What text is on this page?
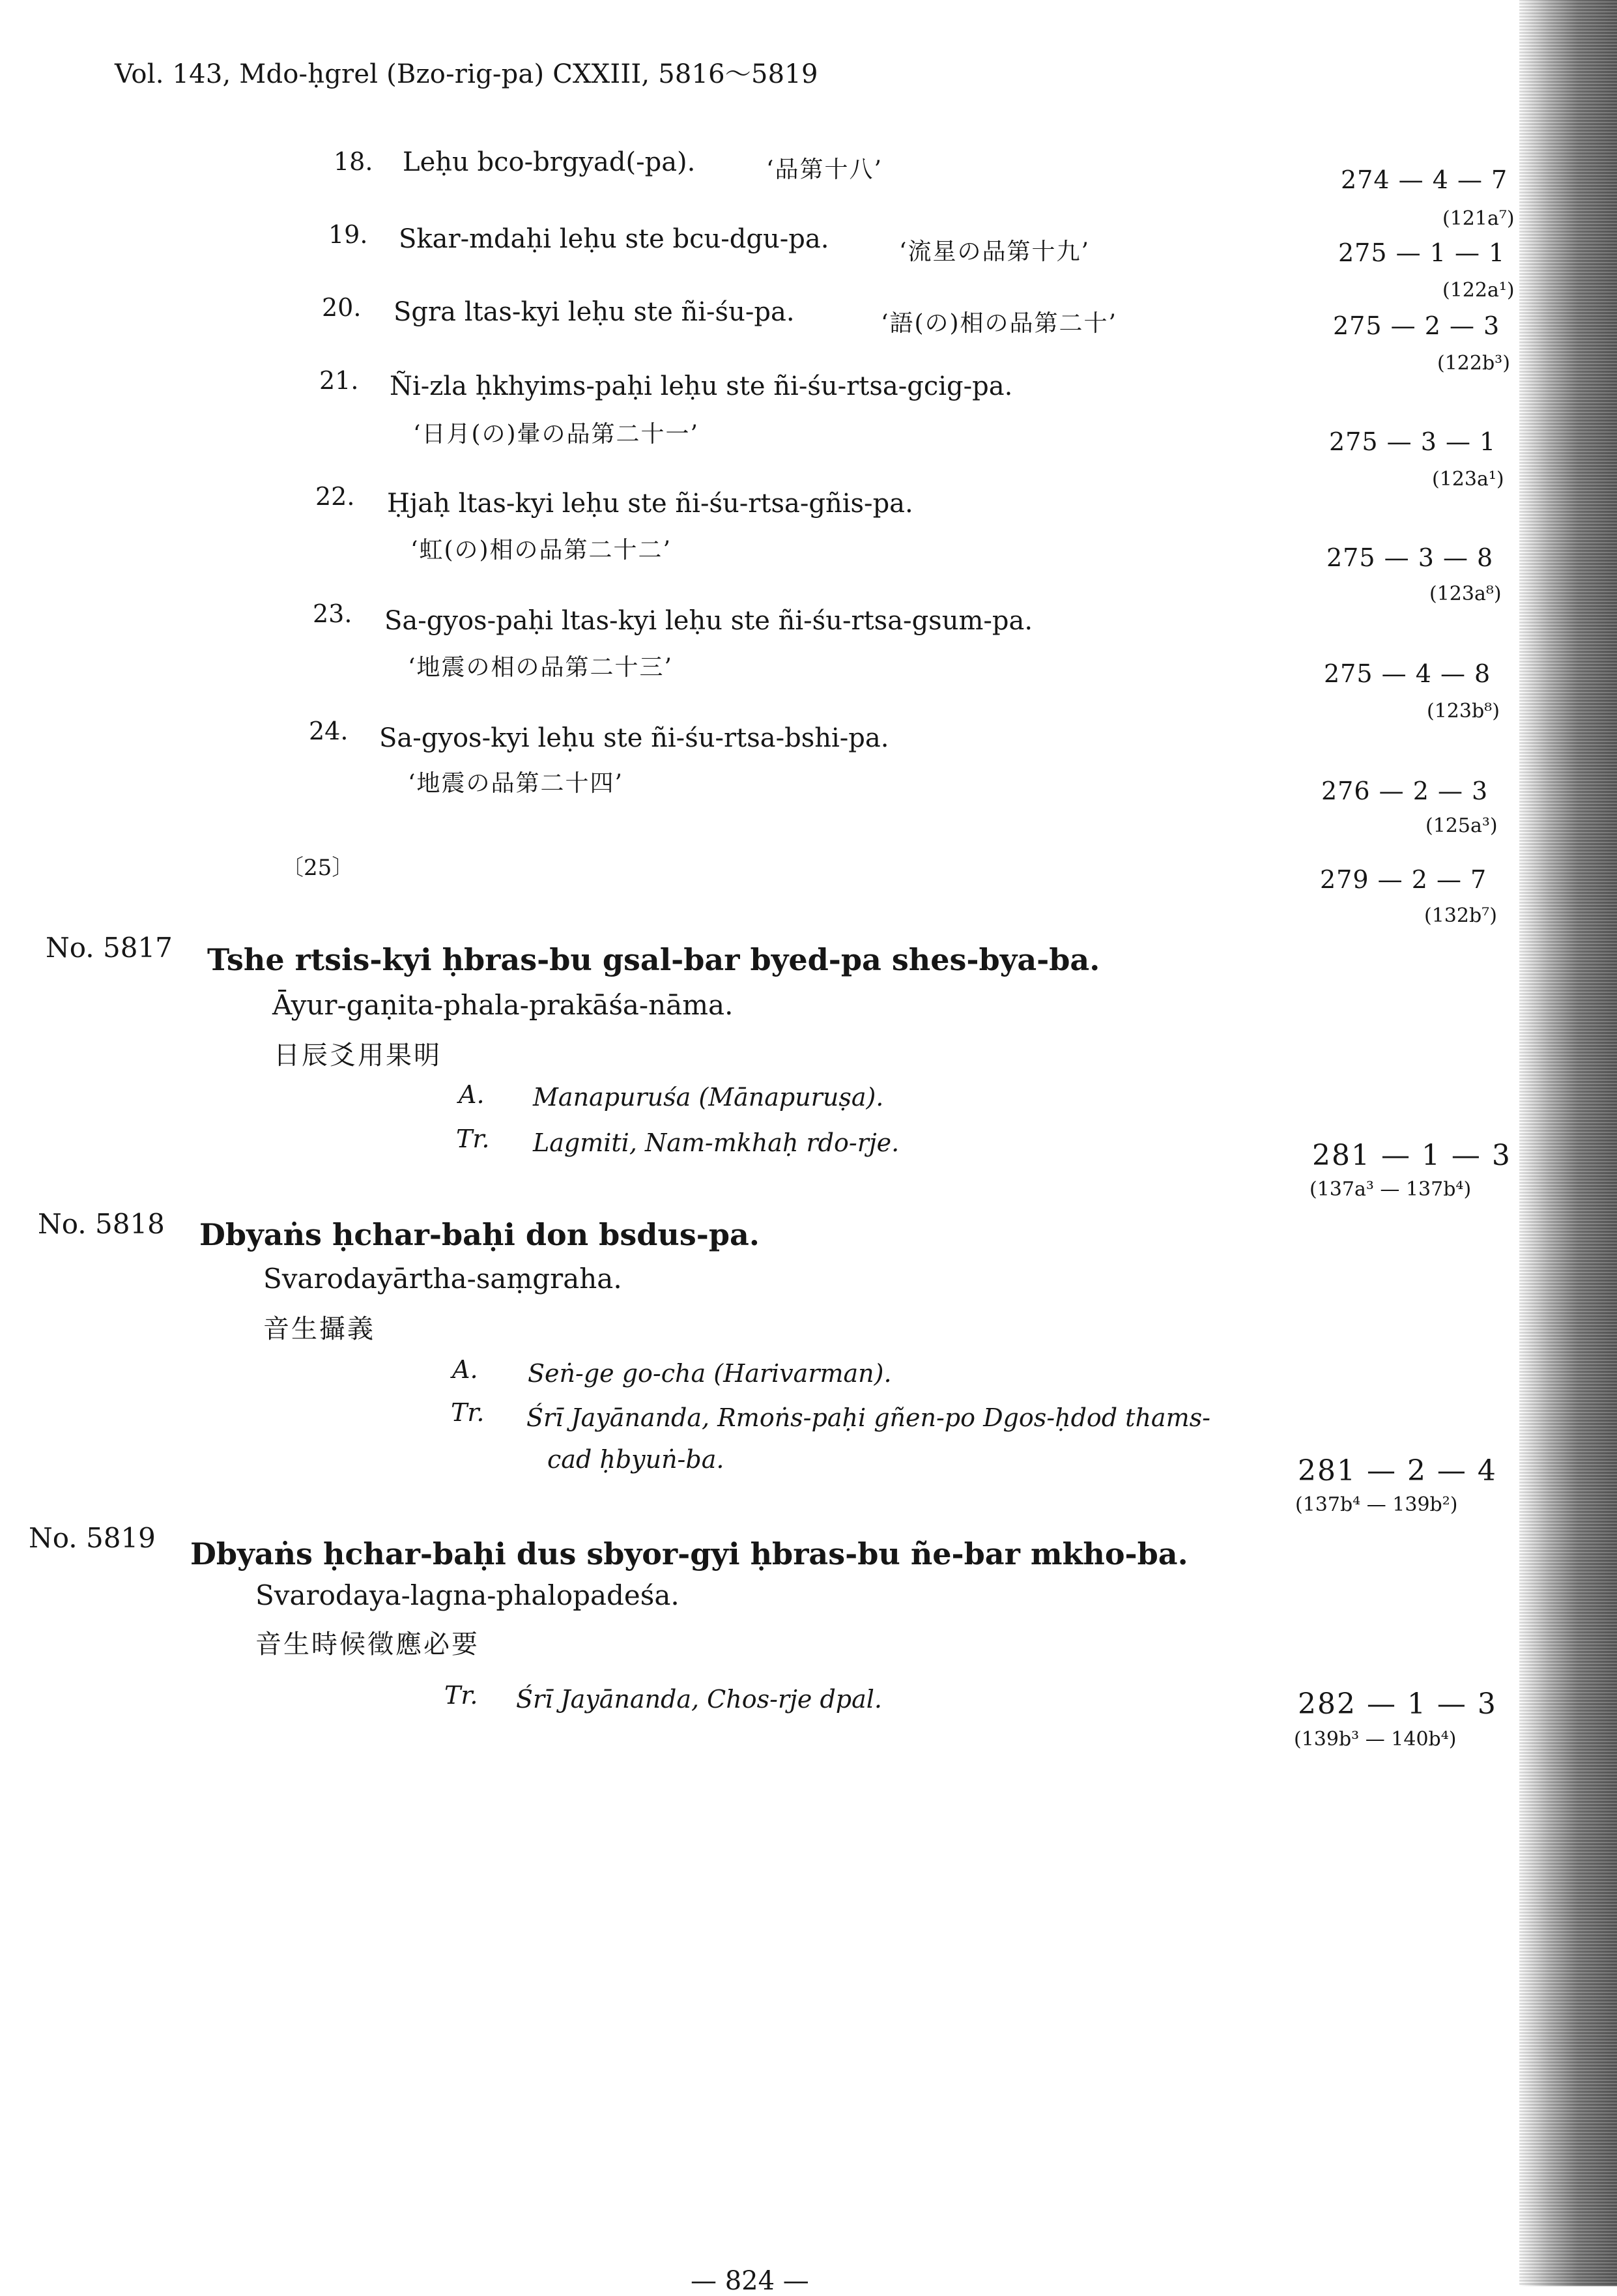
Vol. 143, Mdo-ḥgrel (Bzo-rig-pa) CXXIII, 5816～5819
18. Leḥu bco-brgyad(-pa).	‘品第十八’	274 — 4 — 7
(121a⁷)
19. Skar-mdaḥi leḥu ste bcu-dgu-pa.	‘流星の品第十九’	275 — 1 — 1
(122a¹)
20. Sgra ltas-kyi leḥu ste ñi-śu-pa.	‘語(の)相の品第二十’	275 — 2 — 3
(122b³)
21. Ñi-zla ḥkhyims-paḥi leḥu ste ñi-śu-rtsa-gcig-pa.
‘日月(の)暈の品第二十一’	275 — 3 — 1
(123a¹)
22. Ḥjaḥ ltas-kyi leḥu ste ñi-śu-rtsa-gñis-pa.
‘虹(の)相の品第二十二’	275 — 3 — 8
(123a⁸)
23. Sa-gyos-paḥi ltas-kyi leḥu ste ñi-śu-rtsa-gsum-pa.
‘地震の相の品第二十三’	275 — 4 — 8
(123b⁸)
24. Sa-gyos-kyi leḥu ste ñi-śu-rtsa-bshi-pa.
‘地震の品第二十四’	276 — 2 — 3
(125a³)
〔25〕	279 — 2 — 7
(132b⁷)
No. 5817 Tshe rtsis-kyi ḥbras-bu gsal-bar byed-pa shes-bya-ba.
Āyur-gaṇita-phala-prakāśa-nāma.
日辰爻用果明
A. Manapuruśa (Mānapuruṣa).
Tr. Lagmiti, Nam-mkhaḥ rdo-rje.	281 — 1 — 3
(137a³ — 137b⁴)
No. 5818 Dbyaṅs ḥchar-baḥi don bsdus-pa.
Svarodayārtha-saṃgraha.
音生攝義
A. Seṅ-ge go-cha (Harivarman).
Tr. Śrī Jayānanda, Rmoṅs-paḥi gñen-po Dgos-ḥdod thams-
cad ḥbyuṅ-ba.	281 — 2 — 4
(137b⁴ — 139b²)
No. 5819 Dbyaṅs ḥchar-baḥi dus sbyor-gyi ḥbras-bu ñe-bar mkho-ba.
Svarodaya-lagna-phalopadeśa.
音生時候徵應必要
Tr. Śrī Jayānanda, Chos-rje dpal.	282 — 1 — 3
(139b³ — 140b⁴)
— 824 —
